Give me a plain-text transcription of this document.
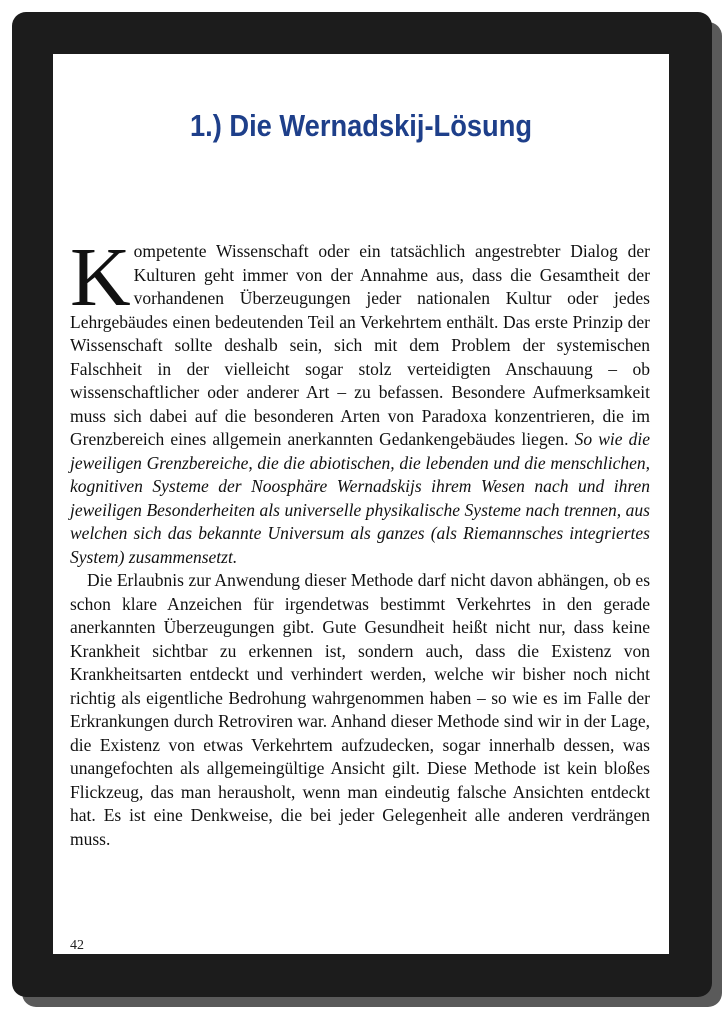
1.) Die Wernadskij-Lösung

Kompetente Wissenschaft oder ein tatsächlich angestrebter Dialog der Kulturen geht immer von der Annahme aus, dass die Gesamtheit der vorhandenen Überzeugungen jeder nationalen Kultur oder jedes Lehrgebäudes einen bedeutenden Teil an Verkehrtem enthält. Das erste Prinzip der Wissenschaft sollte deshalb sein, sich mit dem Problem der systemischen Falschheit in der vielleicht sogar stolz verteidigten Anschauung – ob wissenschaftlicher oder anderer Art – zu befassen. Besondere Aufmerksamkeit muss sich dabei auf die besonderen Arten von Paradoxa konzentrieren, die im Grenzbereich eines allgemein anerkannten Gedankengebäudes liegen. So wie die jeweiligen Grenzbereiche, die die abiotischen, die lebenden und die menschlichen, kognitiven Systeme der Noosphäre Wernadskijs ihrem Wesen nach und ihren jeweiligen Besonderheiten als universelle physikalische Systeme nach trennen, aus welchen sich das bekannte Universum als ganzes (als Riemannsches integriertes System) zusammensetzt.

Die Erlaubnis zur Anwendung dieser Methode darf nicht davon abhängen, ob es schon klare Anzeichen für irgendetwas bestimmt Verkehrtes in den gerade anerkannten Überzeugungen gibt. Gute Gesundheit heißt nicht nur, dass keine Krankheit sichtbar zu erkennen ist, sondern auch, dass die Existenz von Krankheitsarten entdeckt und verhindert werden, welche wir bisher noch nicht richtig als eigentliche Bedrohung wahrgenommen haben – so wie es im Falle der Erkrankungen durch Retroviren war. Anhand dieser Methode sind wir in der Lage, die Existenz von etwas Verkehrtem aufzudecken, sogar innerhalb dessen, was unangefochten als allgemeingültige Ansicht gilt. Diese Methode ist kein bloßes Flickzeug, das man herausholt, wenn man eindeutig falsche Ansichten entdeckt hat. Es ist eine Denkweise, die bei jeder Gelegenheit alle anderen verdrängen muss.

42
